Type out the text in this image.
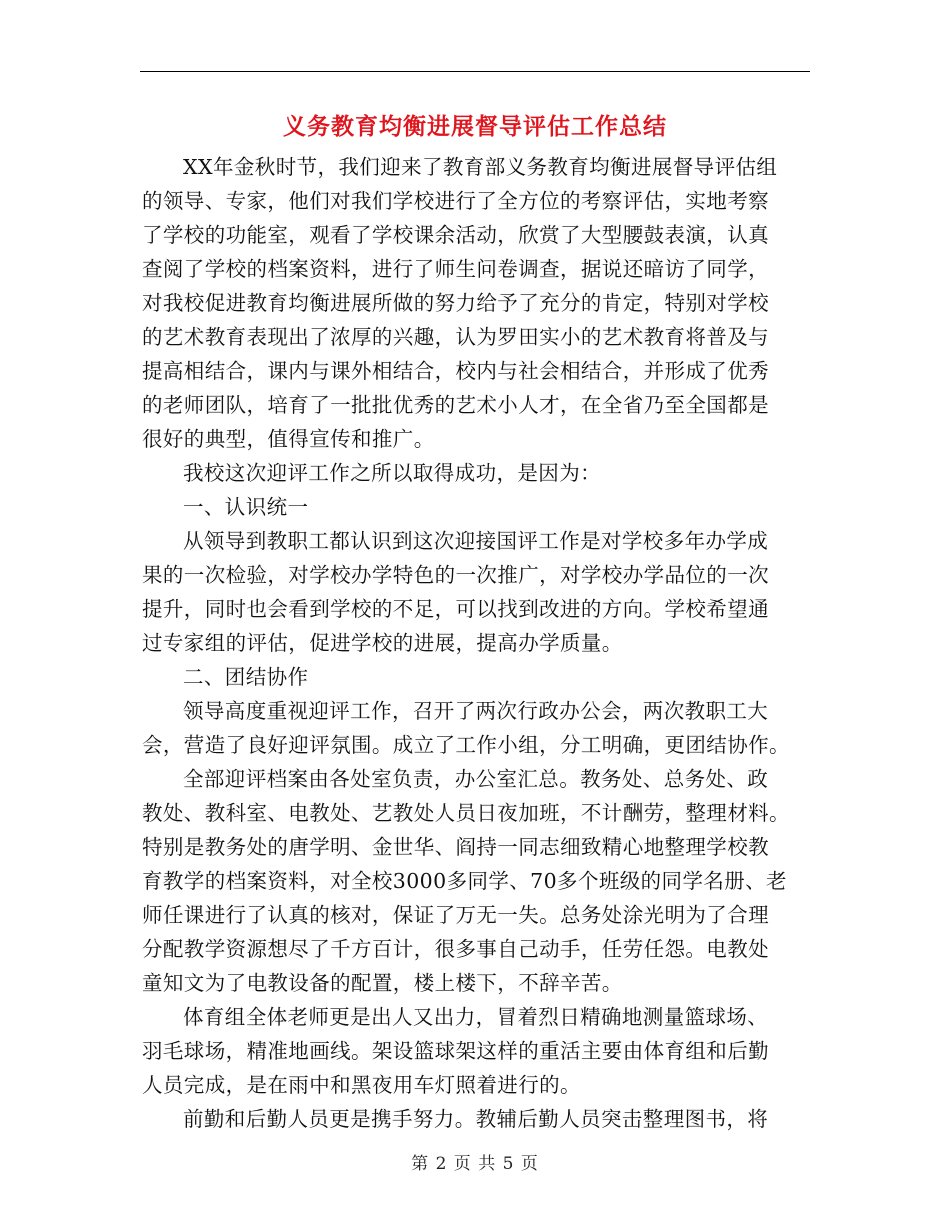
义务教育均衡进展督导评估工作总结

XX年金秋时节，我们迎来了教育部义务教育均衡进展督导评估组
的领导、专家，他们对我们学校进行了全方位的考察评估，实地考察
了学校的功能室，观看了学校课余活动，欣赏了大型腰鼓表演，认真
查阅了学校的档案资料，进行了师生问卷调查，据说还暗访了同学，
对我校促进教育均衡进展所做的努力给予了充分的肯定，特别对学校
的艺术教育表现出了浓厚的兴趣，认为罗田实小的艺术教育将普及与
提高相结合，课内与课外相结合，校内与社会相结合，并形成了优秀
的老师团队，培育了一批批优秀的艺术小人才，在全省乃至全国都是
很好的典型，值得宣传和推广。

我校这次迎评工作之所以取得成功，是因为：

一、认识统一

从领导到教职工都认识到这次迎接国评工作是对学校多年办学成
果的一次检验，对学校办学特色的一次推广，对学校办学品位的一次
提升，同时也会看到学校的不足，可以找到改进的方向。学校希望通
过专家组的评估，促进学校的进展，提高办学质量。

二、团结协作

领导高度重视迎评工作，召开了两次行政办公会，两次教职工大
会，营造了良好迎评氛围。成立了工作小组，分工明确，更团结协作。

全部迎评档案由各处室负责，办公室汇总。教务处、总务处、政
教处、教科室、电教处、艺教处人员日夜加班，不计酬劳，整理材料。
特别是教务处的唐学明、金世华、阎持一同志细致精心地整理学校教
育教学的档案资料，对全校3000多同学、70多个班级的同学名册、老
师任课进行了认真的核对，保证了万无一失。总务处涂光明为了合理
分配教学资源想尽了千方百计，很多事自己动手，任劳任怨。电教处
童知文为了电教设备的配置，楼上楼下，不辞辛苦。

体育组全体老师更是出人又出力，冒着烈日精确地测量篮球场、
羽毛球场，精准地画线。架设篮球架这样的重活主要由体育组和后勤
人员完成，是在雨中和黑夜用车灯照着进行的。

前勤和后勤人员更是携手努力。教辅后勤人员突击整理图书，将

第 2 页 共 5 页
